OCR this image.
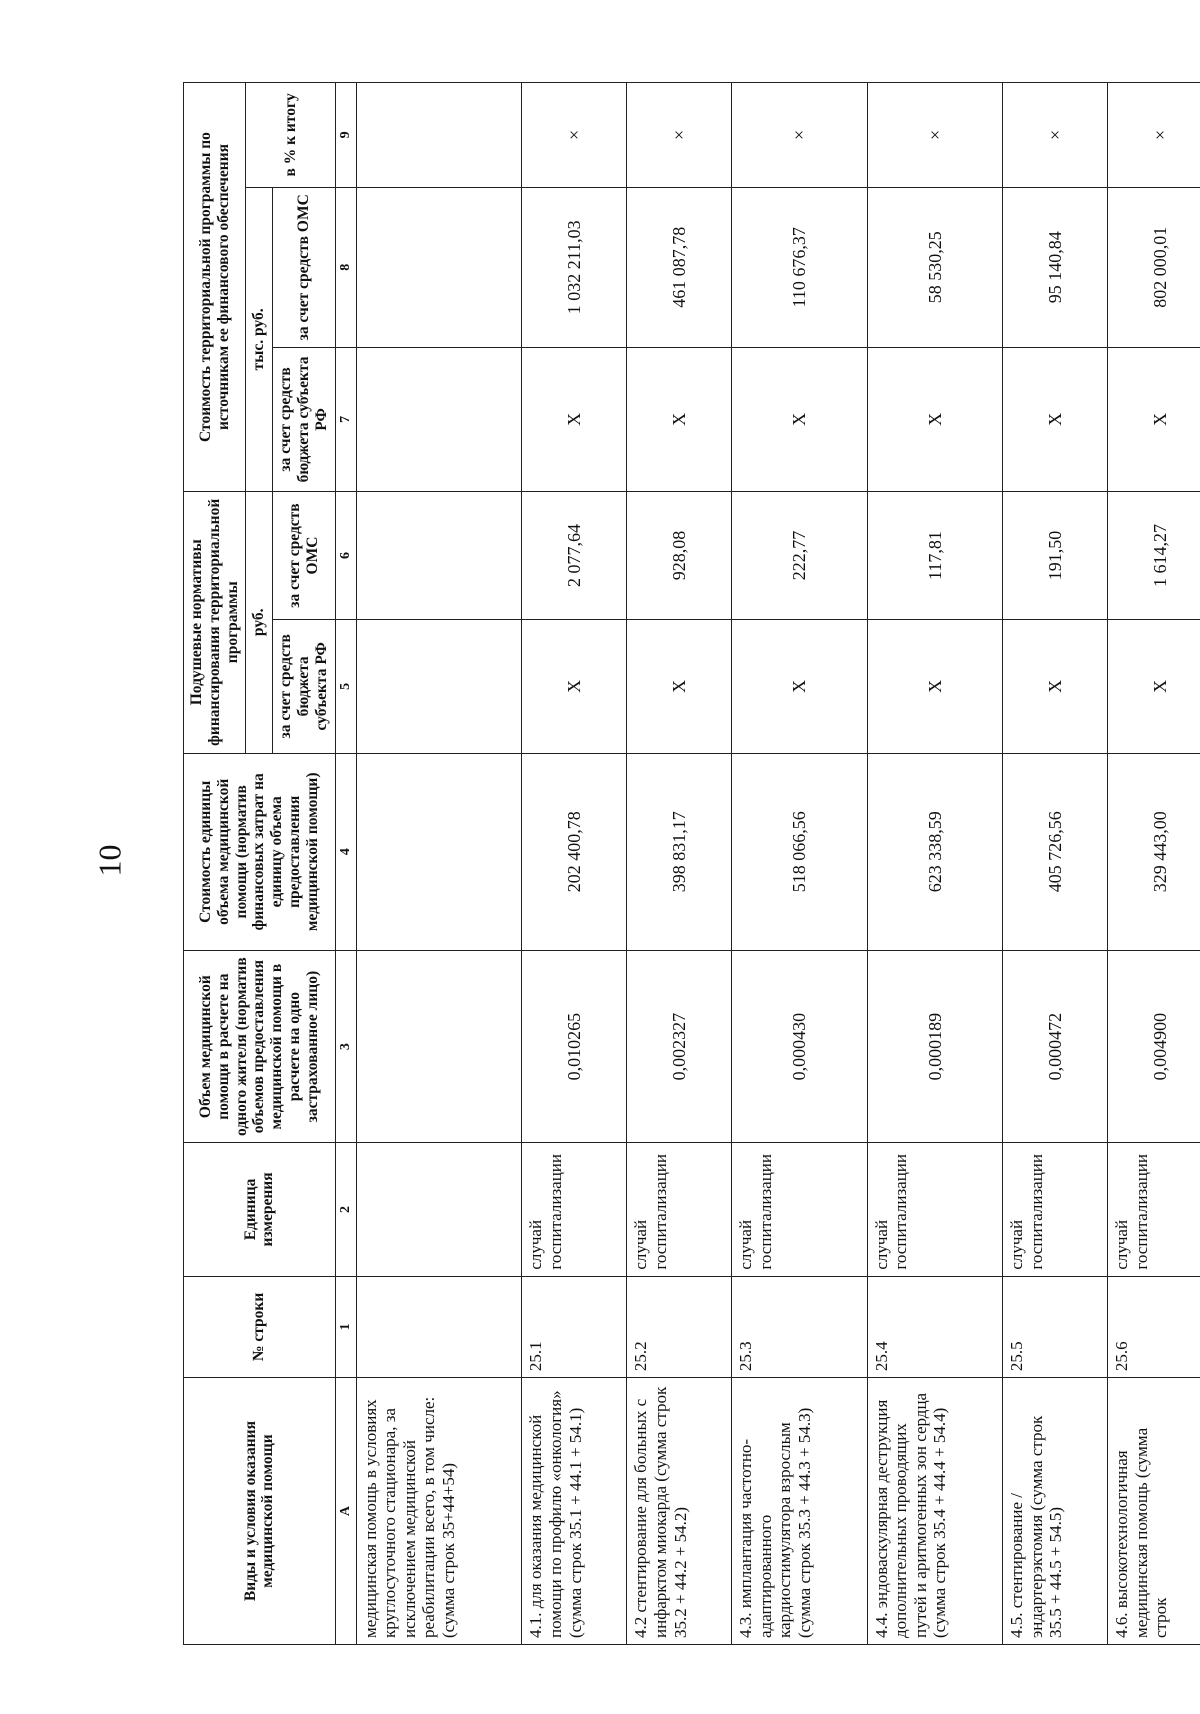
10
Виды и условия оказания медицинской помощи	№ строки	Единица измерения	Объем медицинской помощи в расчете на одного жителя (норматив объемов предоставления медицинской помощи в расчете на одно застрахованное лицо)	Стоимость единицы объема медицинской помощи (норматив финансовых затрат на единицу объема предоставления медицинской помощи)	Подушевые нормативы финансирования территориальной программы		Стоимость территориальной программы по источникам ее финансового обеспечения		
					руб.		тыс. руб.		в % к итогу
					за счет средств бюджета субъекта РФ	за счет средств ОМС	за счет средств бюджета субъекта РФ	за счет средств ОМС	
А	1	2	3	4	5	6	7	8	9
медицинская помощь в условиях круглосуточного стационара, за исключением медицинской реабилитации всего, в том числе: (сумма строк 35+44+54)									
4.1. для оказания медицинской помощи по профилю «онкология» (сумма строк 35.1 + 44.1 + 54.1)	25.1	случай госпитализации	0,010265	202 400,78	Х	2 077,64	Х	1 032 211,03	×
4.2 стентирование для больных с инфарктом миокарда (сумма строк 35.2 + 44.2 + 54.2)	25.2	случай госпитализации	0,002327	398 831,17	Х	928,08	Х	461 087,78	×
4.3. имплантация частотно-адаптированного кардиостимулятора взрослым (сумма строк 35.3 + 44.3 + 54.3)	25.3	случай госпитализации	0,000430	518 066,56	Х	222,77	Х	110 676,37	×
4.4. эндоваскулярная деструкция дополнительных проводящих путей и аритмогенных зон сердца (сумма строк 35.4 + 44.4 + 54.4)	25.4	случай госпитализации	0,000189	623 338,59	Х	117,81	Х	58 530,25	×
4.5. стентирование / эндартерэктомия (сумма строк 35.5 + 44.5 + 54.5)	25.5	случай госпитализации	0,000472	405 726,56	Х	191,50	Х	95 140,84	×
4.6. высокотехнологичная медицинская помощь (сумма строк	25.6	случай госпитализации	0,004900	329 443,00	Х	1 614,27	Х	802 000,01	×
